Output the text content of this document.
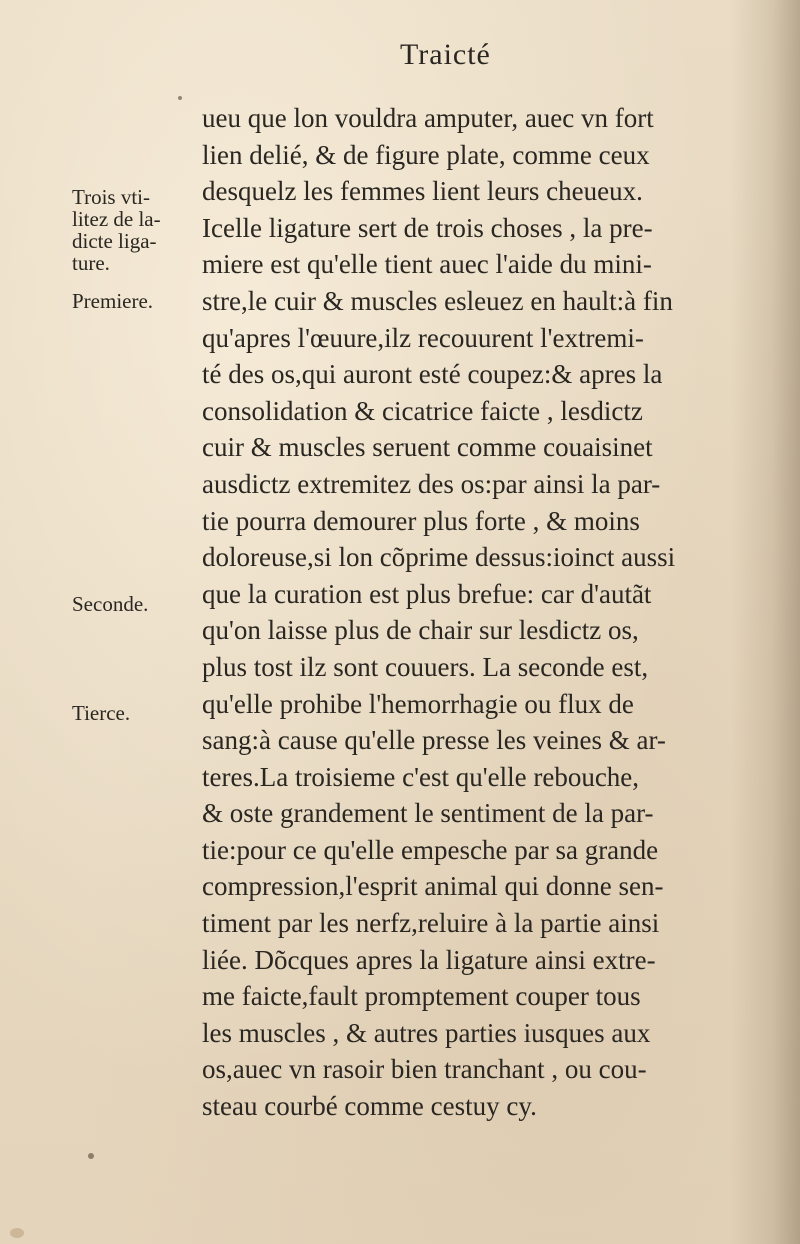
Traicté
ueu que lon vouldra amputer, auec vn fort
lien delié, & de figure plate, comme ceux
desquelz les femmes lient leurs cheueux.
Icelle ligature sert de trois choses , la pre-
miere est qu'elle tient auec l'aide du mini-
stre,le cuir & muscles esleuez en hault:à fin
qu'apres l'œuure,ilz recouurent l'extremi-
té des os,qui auront esté coupez:& apres la
consolidation & cicatrice faicte , lesdictz
cuir & muscles seruent comme couaisinet
ausdictz extremitez des os:par ainsi la par-
tie pourra demourer plus forte , & moins
doloreuse,si lon cõprime dessus:ioinct aussi
que la curation est plus brefue: car d'autãt
qu'on laisse plus de chair sur lesdictz os,
plus tost ilz sont couuers. La seconde est,
qu'elle prohibe l'hemorrhagie ou flux de
sang:à cause qu'elle presse les veines & ar-
teres.La troisieme c'est qu'elle rebouche,
& oste grandement le sentiment de la par-
tie:pour ce qu'elle empesche par sa grande
compression,l'esprit animal qui donne sen-
timent par les nerfz,reluire à la partie ainsi
liée. Dõcques apres la ligature ainsi extre-
me faicte,fault promptement couper tous
les muscles , & autres parties iusques aux
os,auec vn rasoir bien tranchant , ou cou-
steau courbé comme cestuy cy.
Trois vti-
litez de la-
dicte liga-
ture.
Premiere.
Seconde.
Tierce.
